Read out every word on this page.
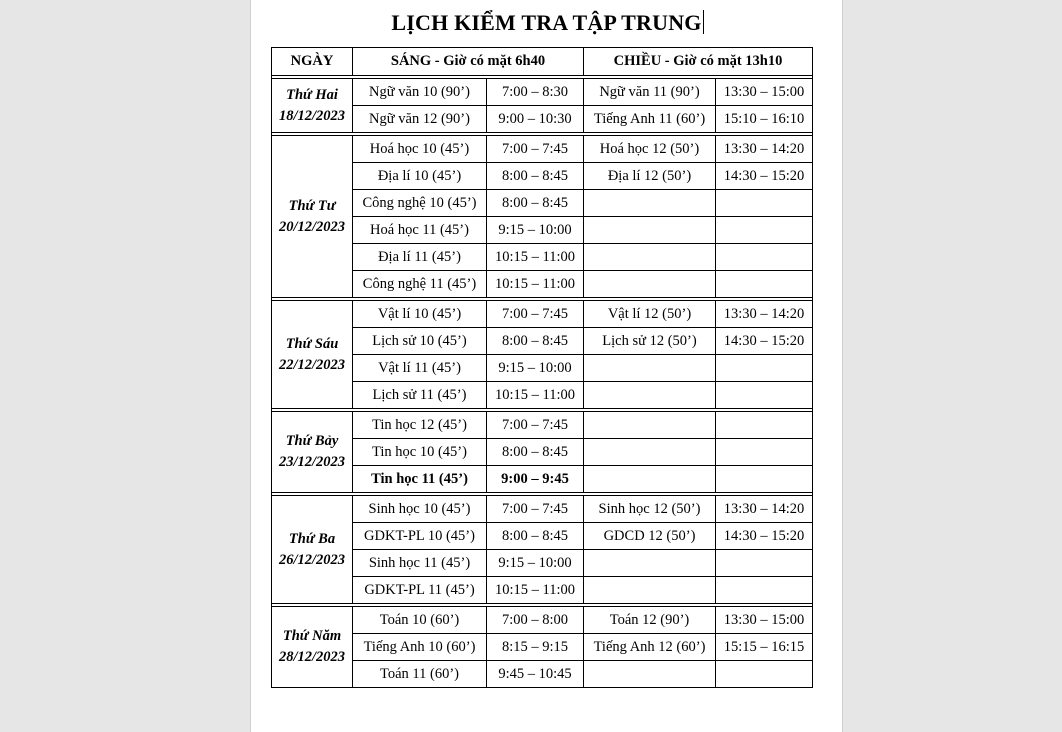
LỊCH KIỂM TRA TẬP TRUNG
NGÀY	SÁNG - Giờ có mặt 6h40		CHIỀU - Giờ có mặt 13h10	

Thứ Hai
18/12/2023	Ngữ văn 10 (90’)	7:00 – 8:30	Ngữ văn 11 (90’)	13:30 – 15:00
	Ngữ văn 12 (90’)	9:00 – 10:30	Tiếng Anh 11 (60’)	15:10 – 16:10

Thứ Tư
20/12/2023	Hoá học 10 (45’)	7:00 – 7:45	Hoá học 12 (50’)	13:30 – 14:20
	Địa lí 10 (45’)	8:00 – 8:45	Địa lí 12 (50’)	14:30 – 15:20
	Công nghệ 10 (45’)	8:00 – 8:45		
	Hoá học 11 (45’)	9:15 – 10:00		
	Địa lí 11 (45’)	10:15 – 11:00		
	Công nghệ 11 (45’)	10:15 – 11:00		

Thứ Sáu
22/12/2023	Vật lí 10 (45’)	7:00 – 7:45	Vật lí 12 (50’)	13:30 – 14:20
	Lịch sử 10 (45’)	8:00 – 8:45	Lịch sử 12 (50’)	14:30 – 15:20
	Vật lí 11 (45’)	9:15 – 10:00		
	Lịch sử 11 (45’)	10:15 – 11:00		

Thứ Bảy
23/12/2023	Tin học 12 (45’)	7:00 – 7:45		
	Tin học 10 (45’)	8:00 – 8:45		
	Tin học 11 (45’)	9:00 – 9:45		

Thứ Ba
26/12/2023	Sinh học 10 (45’)	7:00 – 7:45	Sinh học 12 (50’)	13:30 – 14:20
	GDKT-PL 10 (45’)	8:00 – 8:45	GDCD 12 (50’)	14:30 – 15:20
	Sinh học 11 (45’)	9:15 – 10:00		
	GDKT-PL 11 (45’)	10:15 – 11:00		

Thứ Năm
28/12/2023	Toán 10 (60’)	7:00 – 8:00	Toán 12 (90’)	13:30 – 15:00
	Tiếng Anh 10 (60’)	8:15 – 9:15	Tiếng Anh 12 (60’)	15:15 – 16:15
	Toán 11 (60’)	9:45 – 10:45		
